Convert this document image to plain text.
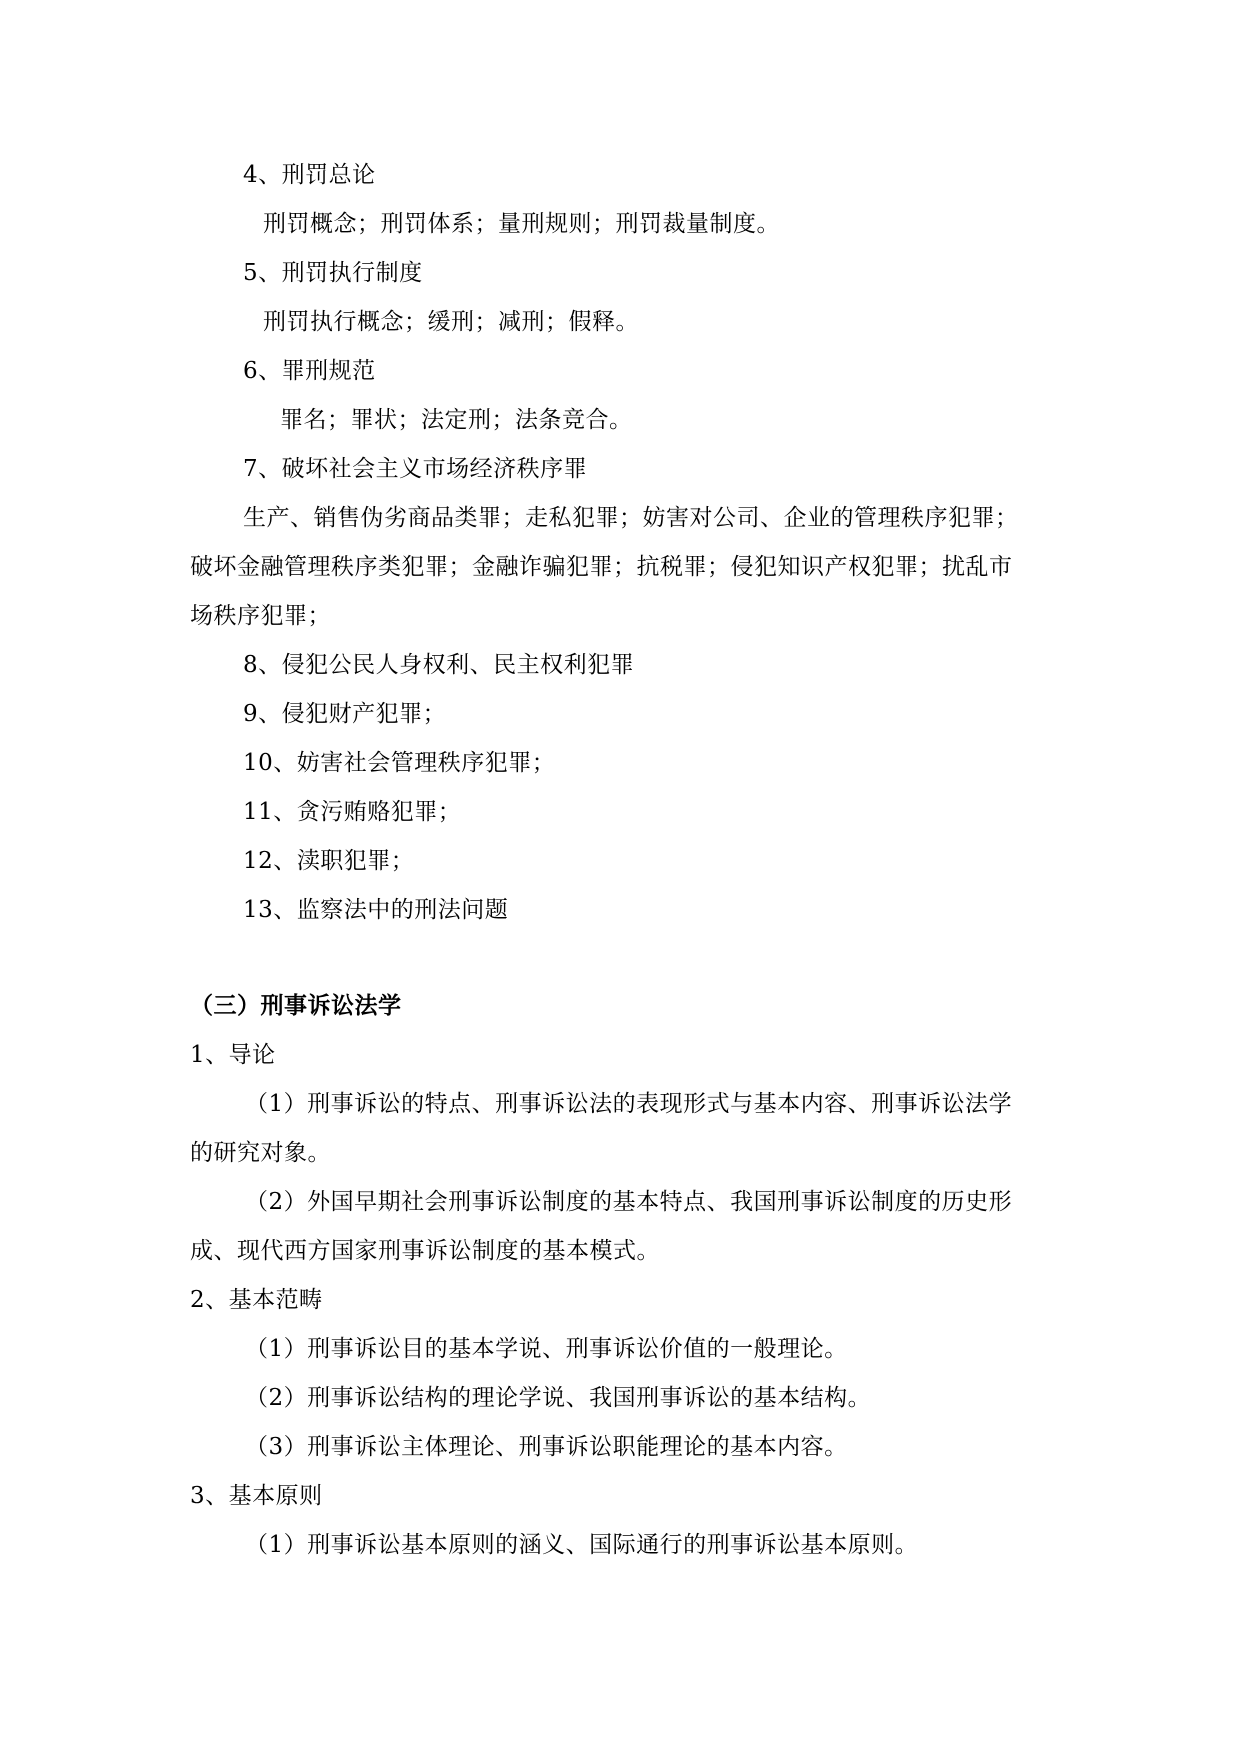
4、刑罚总论
刑罚概念；刑罚体系；量刑规则；刑罚裁量制度。
5、刑罚执行制度
刑罚执行概念；缓刑；减刑；假释。
6、罪刑规范
罪名；罪状；法定刑；法条竞合。
7、破坏社会主义市场经济秩序罪
生产、销售伪劣商品类罪；走私犯罪；妨害对公司、企业的管理秩序犯罪；
破坏金融管理秩序类犯罪；金融诈骗犯罪；抗税罪；侵犯知识产权犯罪；扰乱市
场秩序犯罪；
8、侵犯公民人身权利、民主权利犯罪
9、侵犯财产犯罪；
10、妨害社会管理秩序犯罪；
11、贪污贿赂犯罪；
12、渎职犯罪；
13、监察法中的刑法问题
（三）刑事诉讼法学
1、导论
（1）刑事诉讼的特点、刑事诉讼法的表现形式与基本内容、刑事诉讼法学
的研究对象。
（2）外国早期社会刑事诉讼制度的基本特点、我国刑事诉讼制度的历史形
成、现代西方国家刑事诉讼制度的基本模式。
2、基本范畴
（1）刑事诉讼目的基本学说、刑事诉讼价值的一般理论。
（2）刑事诉讼结构的理论学说、我国刑事诉讼的基本结构。
（3）刑事诉讼主体理论、刑事诉讼职能理论的基本内容。
3、基本原则
（1）刑事诉讼基本原则的涵义、国际通行的刑事诉讼基本原则。
